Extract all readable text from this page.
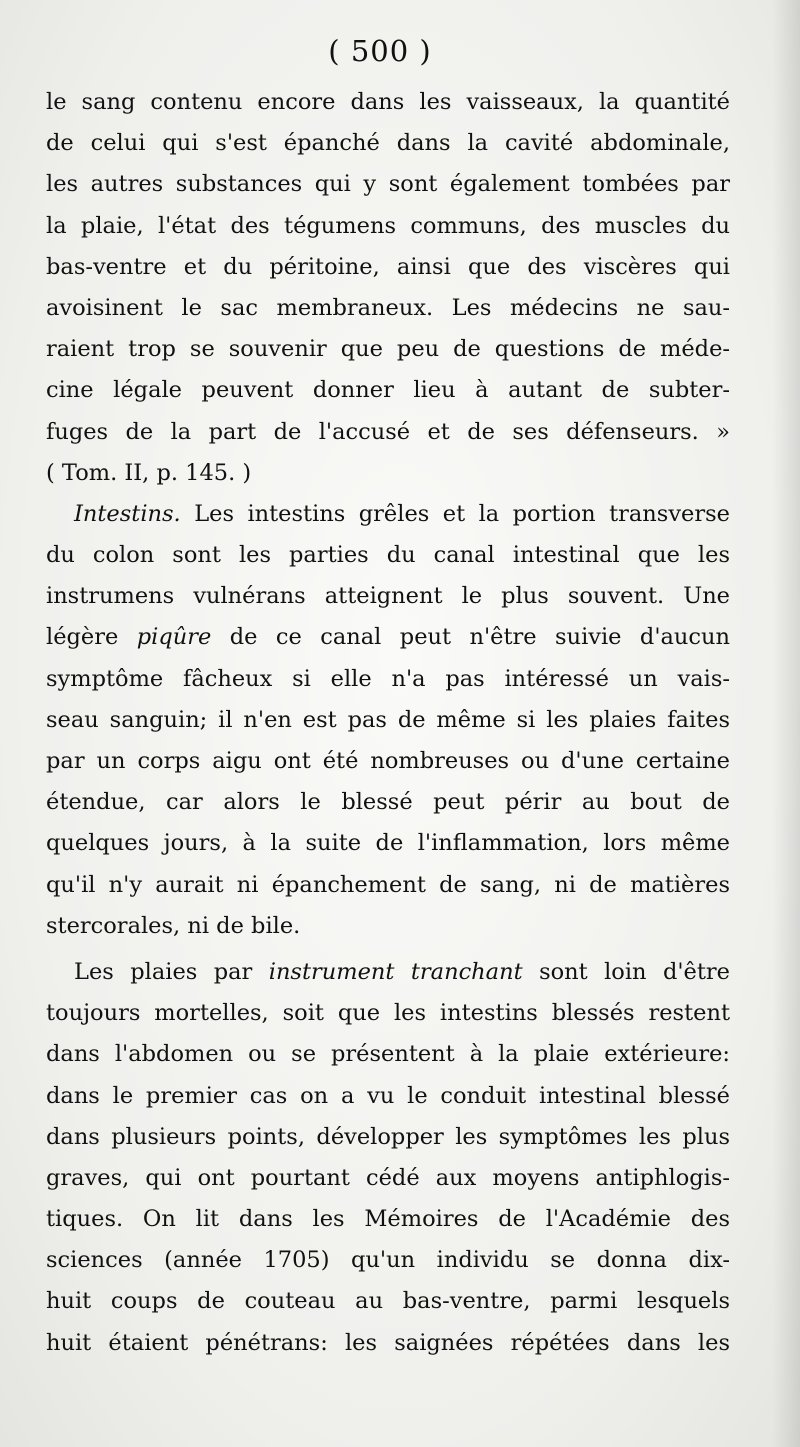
( 500 )
le sang contenu encore dans les vaisseaux, la quantité
de celui qui s'est épanché dans la cavité abdominale,
les autres substances qui y sont également tombées par
la plaie, l'état des tégumens communs, des muscles du
bas-ventre et du péritoine, ainsi que des viscères qui
avoisinent le sac membraneux. Les médecins ne sau-
raient trop se souvenir que peu de questions de méde-
cine légale peuvent donner lieu à autant de subter-
fuges de la part de l'accusé et de ses défenseurs. »
( Tom. II, p. 145. )
Intestins. Les intestins grêles et la portion transverse
du colon sont les parties du canal intestinal que les
instrumens vulnérans atteignent le plus souvent. Une
légère piqûre de ce canal peut n'être suivie d'aucun
symptôme fâcheux si elle n'a pas intéressé un vais-
seau sanguin; il n'en est pas de même si les plaies faites
par un corps aigu ont été nombreuses ou d'une certaine
étendue, car alors le blessé peut périr au bout de
quelques jours, à la suite de l'inflammation, lors même
qu'il n'y aurait ni épanchement de sang, ni de matières
stercorales, ni de bile.
Les plaies par instrument tranchant sont loin d'être
toujours mortelles, soit que les intestins blessés restent
dans l'abdomen ou se présentent à la plaie extérieure:
dans le premier cas on a vu le conduit intestinal blessé
dans plusieurs points, développer les symptômes les plus
graves, qui ont pourtant cédé aux moyens antiphlogis-
tiques. On lit dans les Mémoires de l'Académie des
sciences (année 1705) qu'un individu se donna dix-
huit coups de couteau au bas-ventre, parmi lesquels
huit étaient pénétrans: les saignées répétées dans les
